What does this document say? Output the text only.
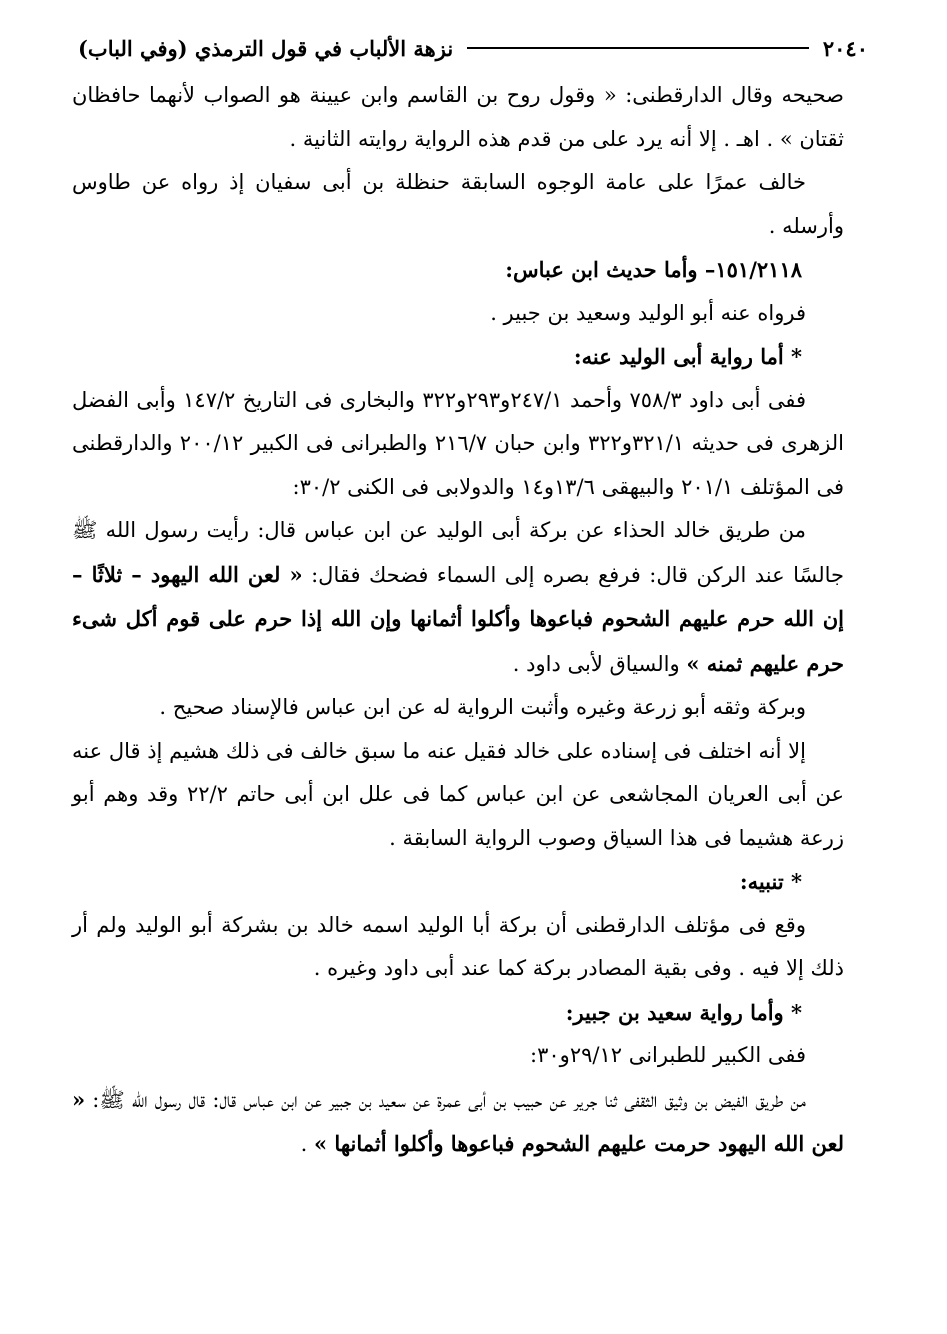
٢٠٤٠
نزهة الألباب في قول الترمذي (وفي الباب)

صحيحه وقال الدارقطنى: « وقول روح بن القاسم وابن عيينة هو الصواب لأنهما حافظان ثقتان » . اهـ . إلا أنه يرد على من قدم هذه الرواية روايته الثانية .

خالف عمرًا على عامة الوجوه السابقة حنظلة بن أبى سفيان إذ رواه عن طاوس وأرسله .

١٥١/٢١١٨– وأما حديث ابن عباس:

فرواه عنه أبو الوليد وسعيد بن جبير .

* أما رواية أبى الوليد عنه:

ففى أبى داود ٧٥٨/٣ وأحمد ٢٤٧/١و٢٩٣و٣٢٢ والبخارى فى التاريخ ١٤٧/٢ وأبى الفضل الزهرى فى حديثه ٣٢١/١و٣٢٢ وابن حبان ٢١٦/٧ والطبرانى فى الكبير ٢٠٠/١٢ والدارقطنى فى المؤتلف ٢٠١/١ والبيهقى ١٣/٦و١٤ والدولابى فى الكنى ٣٠/٢:

من طريق خالد الحذاء عن بركة أبى الوليد عن ابن عباس قال: رأيت رسول الله ﷺ جالسًا عند الركن قال: فرفع بصره إلى السماء فضحك فقال: « لعن الله اليهود – ثلاثًا – إن الله حرم عليهم الشحوم فباعوها وأكلوا أثمانها وإن الله إذا حرم على قوم أكل شىء حرم عليهم ثمنه » والسياق لأبى داود .

وبركة وثقه أبو زرعة وغيره وأثبت الرواية له عن ابن عباس فالإسناد صحيح .

إلا أنه اختلف فى إسناده على خالد فقيل عنه ما سبق خالف فى ذلك هشيم إذ قال عنه عن أبى العريان المجاشعى عن ابن عباس كما فى علل ابن أبى حاتم ٢٢/٢ وقد وهم أبو زرعة هشيما فى هذا السياق وصوب الرواية السابقة .

* تنبيه:

وقع فى مؤتلف الدارقطنى أن بركة أبا الوليد اسمه خالد بن بشركة أبو الوليد ولم أر ذلك إلا فيه . وفى بقية المصادر بركة كما عند أبى داود وغيره .

* وأما رواية سعيد بن جبير:

ففى الكبير للطبرانى ٢٩/١٢و٣٠:

من طريق الفيض بن وثيق الثقفى ثنا جرير عن حبيب بن أبى عمرة عن سعيد بن جبير عن ابن عباس قال: قال رسول الله ﷺ: « لعن الله اليهود حرمت عليهم الشحوم فباعوها وأكلوا أثمانها » .
